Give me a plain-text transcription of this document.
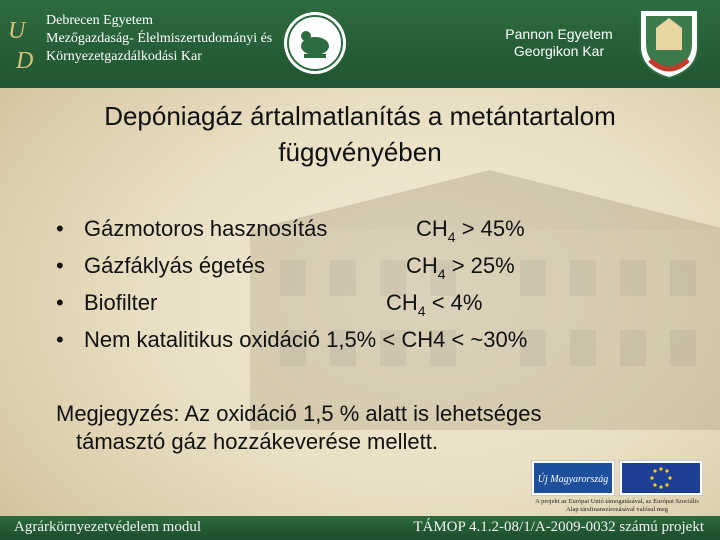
U
D
Debrecen Egyetem
Mezőgazdaság- Élelmiszertudományi és
Környezetgazdálkodási Kar
Pannon Egyetem
Georgikon Kar
Depóniagáz ártalmatlanítás a metántartalom függvényében
• Gázmotoros hasznosítás	$CH_4 > 45\%$
• Gázfáklyás égetés	$CH_4 > 25\%$
• Biofilter	$CH_4 < 4\%$
• Nem katalitikus oxidáció 1,5% < CH4 < ~30%
Megjegyzés: Az oxidáció 1,5 % alatt is lehetséges
támasztó gáz hozzákeverése mellett.
Új Magyarország
A projekt az Európai Unió támogatásával, az Európai Szociális Alap társfinanszírozásával valósul meg
Agrárkörnyezetvédelem modul	TÁMOP 4.1.2-08/1/A-2009-0032 számú projekt
